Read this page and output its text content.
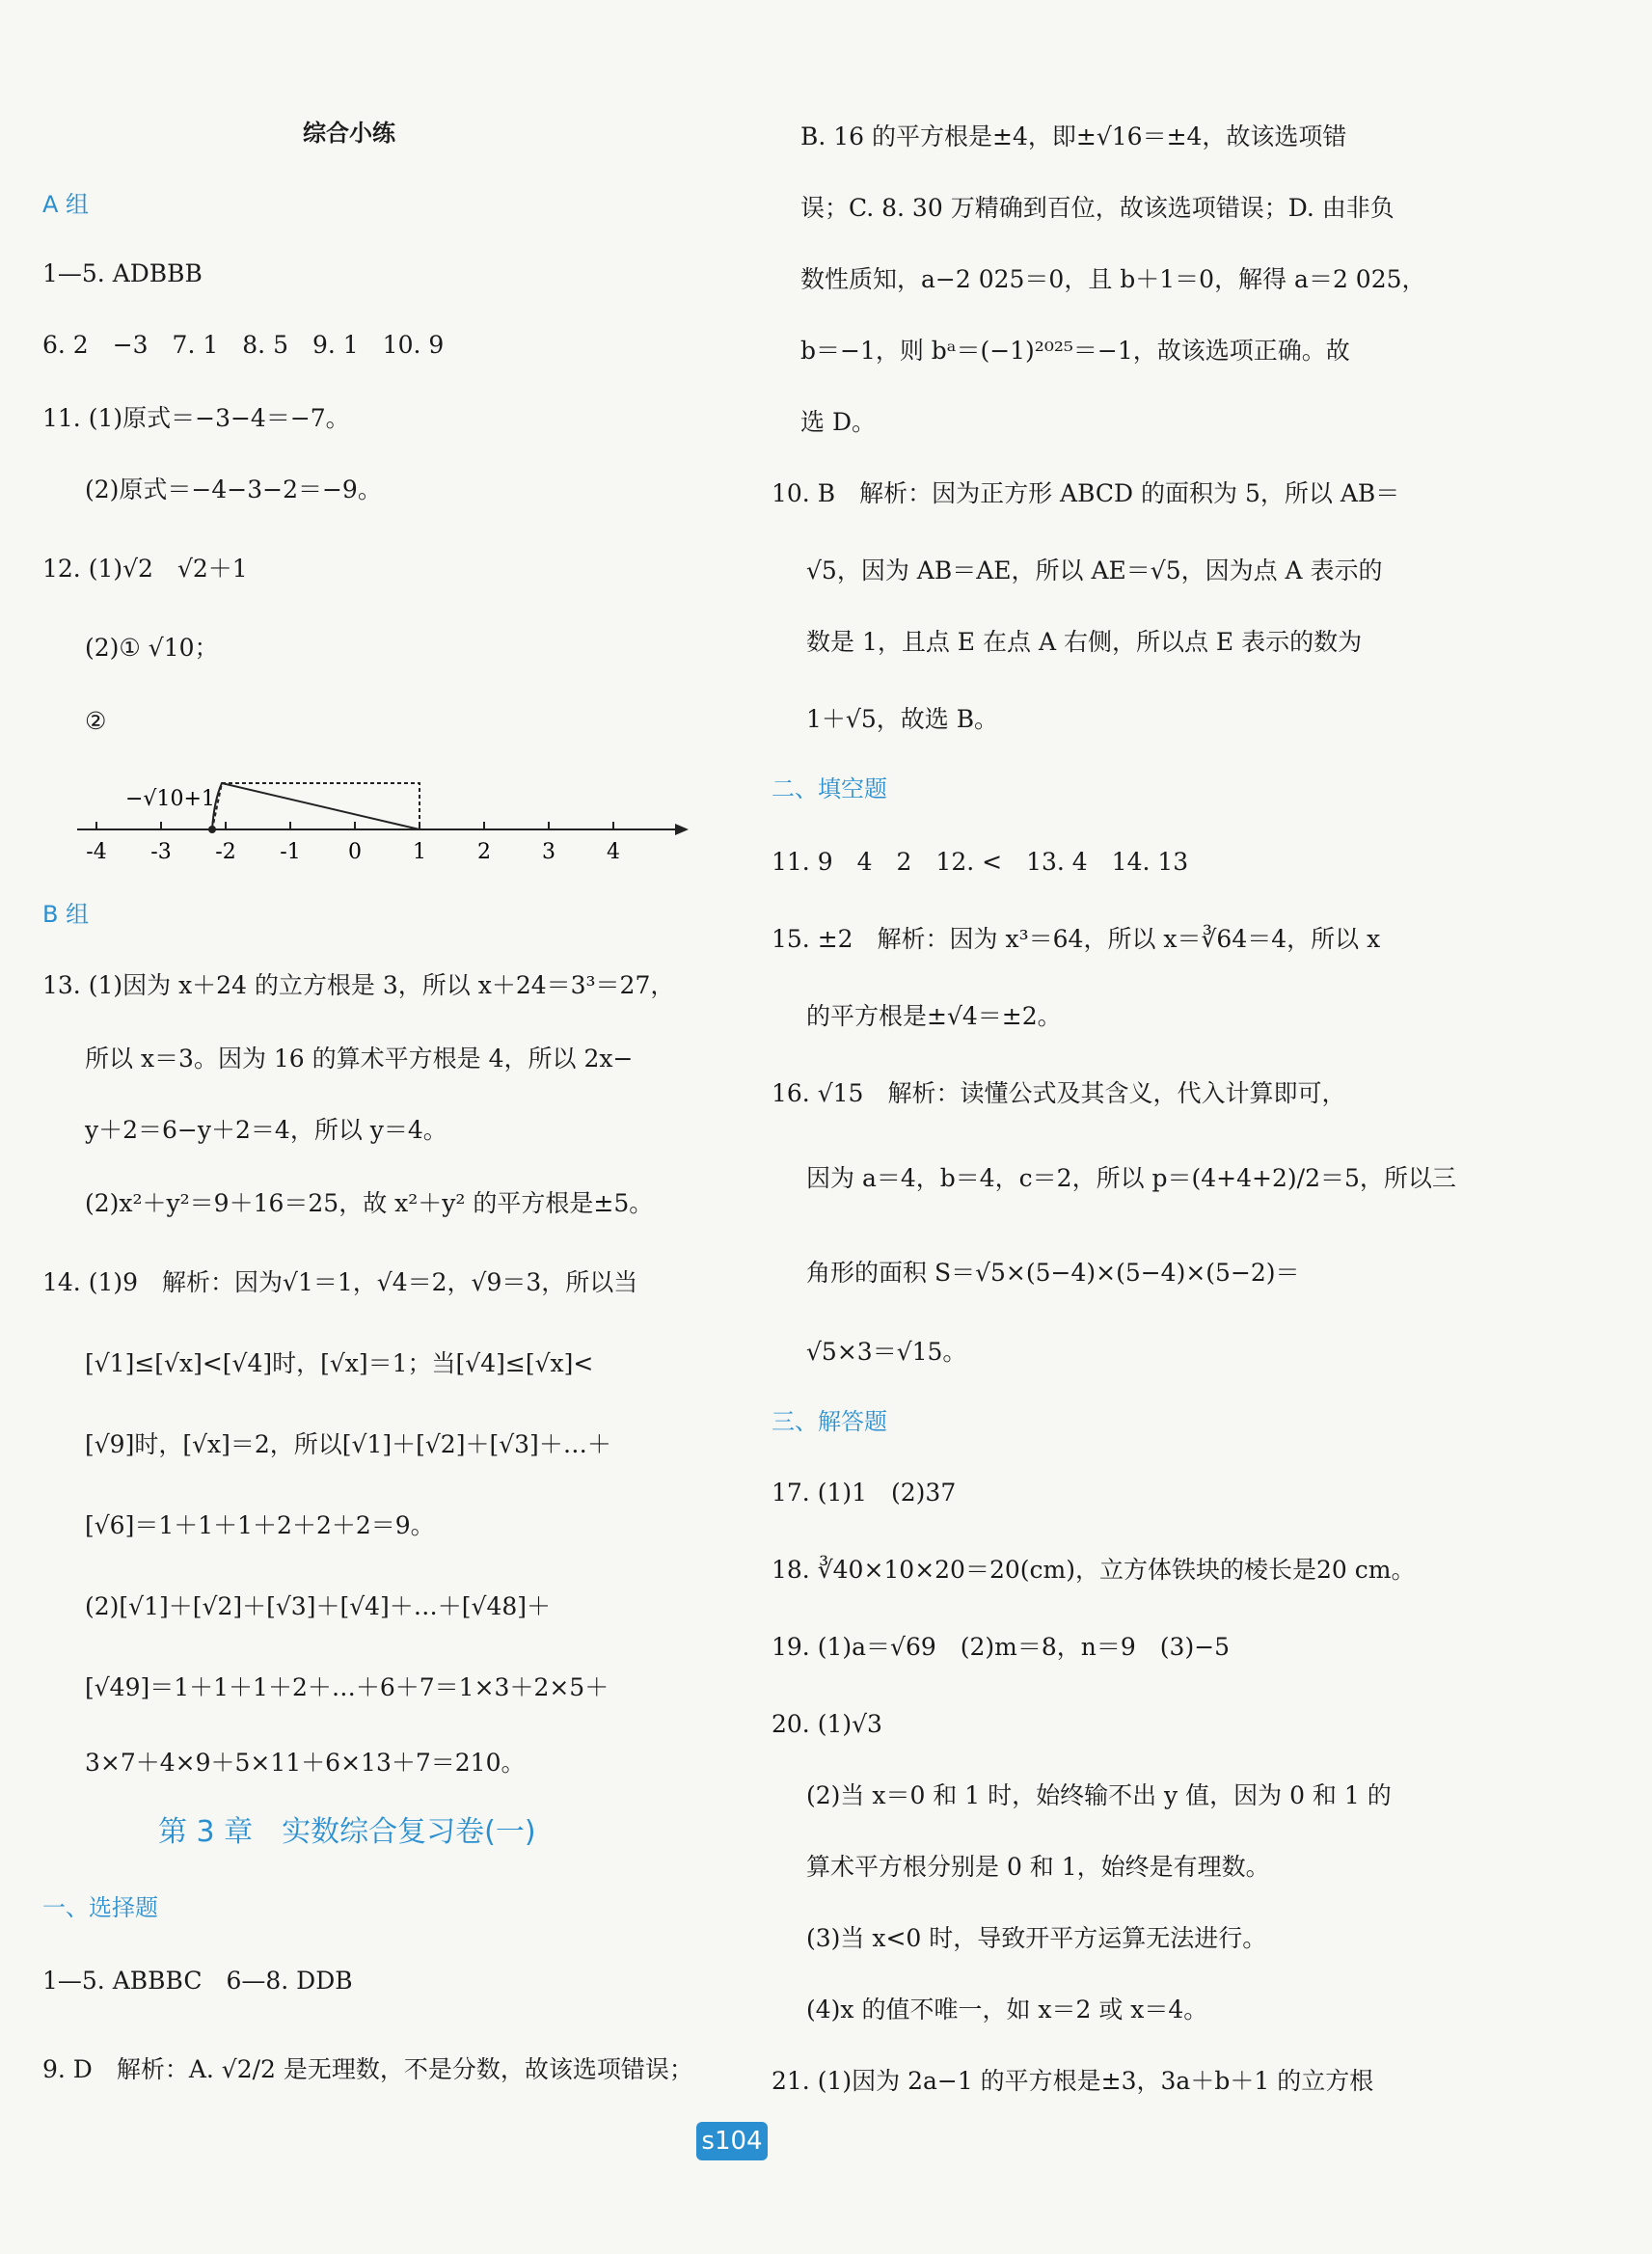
综合小练
A 组
1—5. ADBBB
6. 2　−3　7. 1　8. 5　9. 1　10. 9
11. (1)原式＝−3−4＝−7。
(2)原式＝−4−3−2＝−9。
12. (1)√2　√2＋1
(2)① √10；
②
-4 -3 -2 -1 0 1 2 3 4
−√10+1
B 组
13. (1)因为 x＋24 的立方根是 3，所以 x＋24＝3³＝27，
所以 x＝3。因为 16 的算术平方根是 4，所以 2x−
y＋2＝6−y＋2＝4，所以 y＝4。
(2)x²＋y²＝9＋16＝25，故 x²＋y² 的平方根是±5。
14. (1)9　解析：因为√1＝1，√4＝2，√9＝3，所以当
[√1]≤[√x]<[√4]时，[√x]＝1；当[√4]≤[√x]<
[√9]时，[√x]＝2，所以[√1]＋[√2]＋[√3]＋…＋
[√6]＝1＋1＋1＋2＋2＋2＝9。
(2)[√1]＋[√2]＋[√3]＋[√4]＋…＋[√48]＋
[√49]＝1＋1＋1＋2＋…＋6＋7＝1×3＋2×5＋
3×7＋4×9＋5×11＋6×13＋7＝210。
第 3 章　实数综合复习卷(一)
一、选择题
1—5. ABBBC　6—8. DDB
9. D　解析：A. √2/2 是无理数，不是分数，故该选项错误；
B. 16 的平方根是±4，即±√16＝±4，故该选项错
误；C. 8. 30 万精确到百位，故该选项错误；D. 由非负
数性质知，a−2 025＝0，且 b＋1＝0，解得 a＝2 025，
b＝−1，则 bᵃ＝(−1)²⁰²⁵＝−1，故该选项正确。故
选 D。
10. B　解析：因为正方形 ABCD 的面积为 5，所以 AB＝
√5，因为 AB＝AE，所以 AE＝√5，因为点 A 表示的
数是 1，且点 E 在点 A 右侧，所以点 E 表示的数为
1＋√5，故选 B。
二、填空题
11. 9　4　2　12. <　13. 4　14. 13
15. ±2　解析：因为 x³＝64，所以 x＝∛64＝4，所以 x
的平方根是±√4＝±2。
16. √15　解析：读懂公式及其含义，代入计算即可，
因为 a＝4，b＝4，c＝2，所以 p＝(4+4+2)/2＝5，所以三
角形的面积 S＝√5×(5−4)×(5−4)×(5−2)＝
√5×3＝√15。
三、解答题
17. (1)1　(2)37
18. ∛40×10×20＝20(cm)，立方体铁块的棱长是20 cm。
19. (1)a＝√69　(2)m＝8，n＝9　(3)−5
20. (1)√3
(2)当 x＝0 和 1 时，始终输不出 y 值，因为 0 和 1 的
算术平方根分别是 0 和 1，始终是有理数。
(3)当 x<0 时，导致开平方运算无法进行。
(4)x 的值不唯一，如 x＝2 或 x＝4。
21. (1)因为 2a−1 的平方根是±3，3a＋b＋1 的立方根
s104
